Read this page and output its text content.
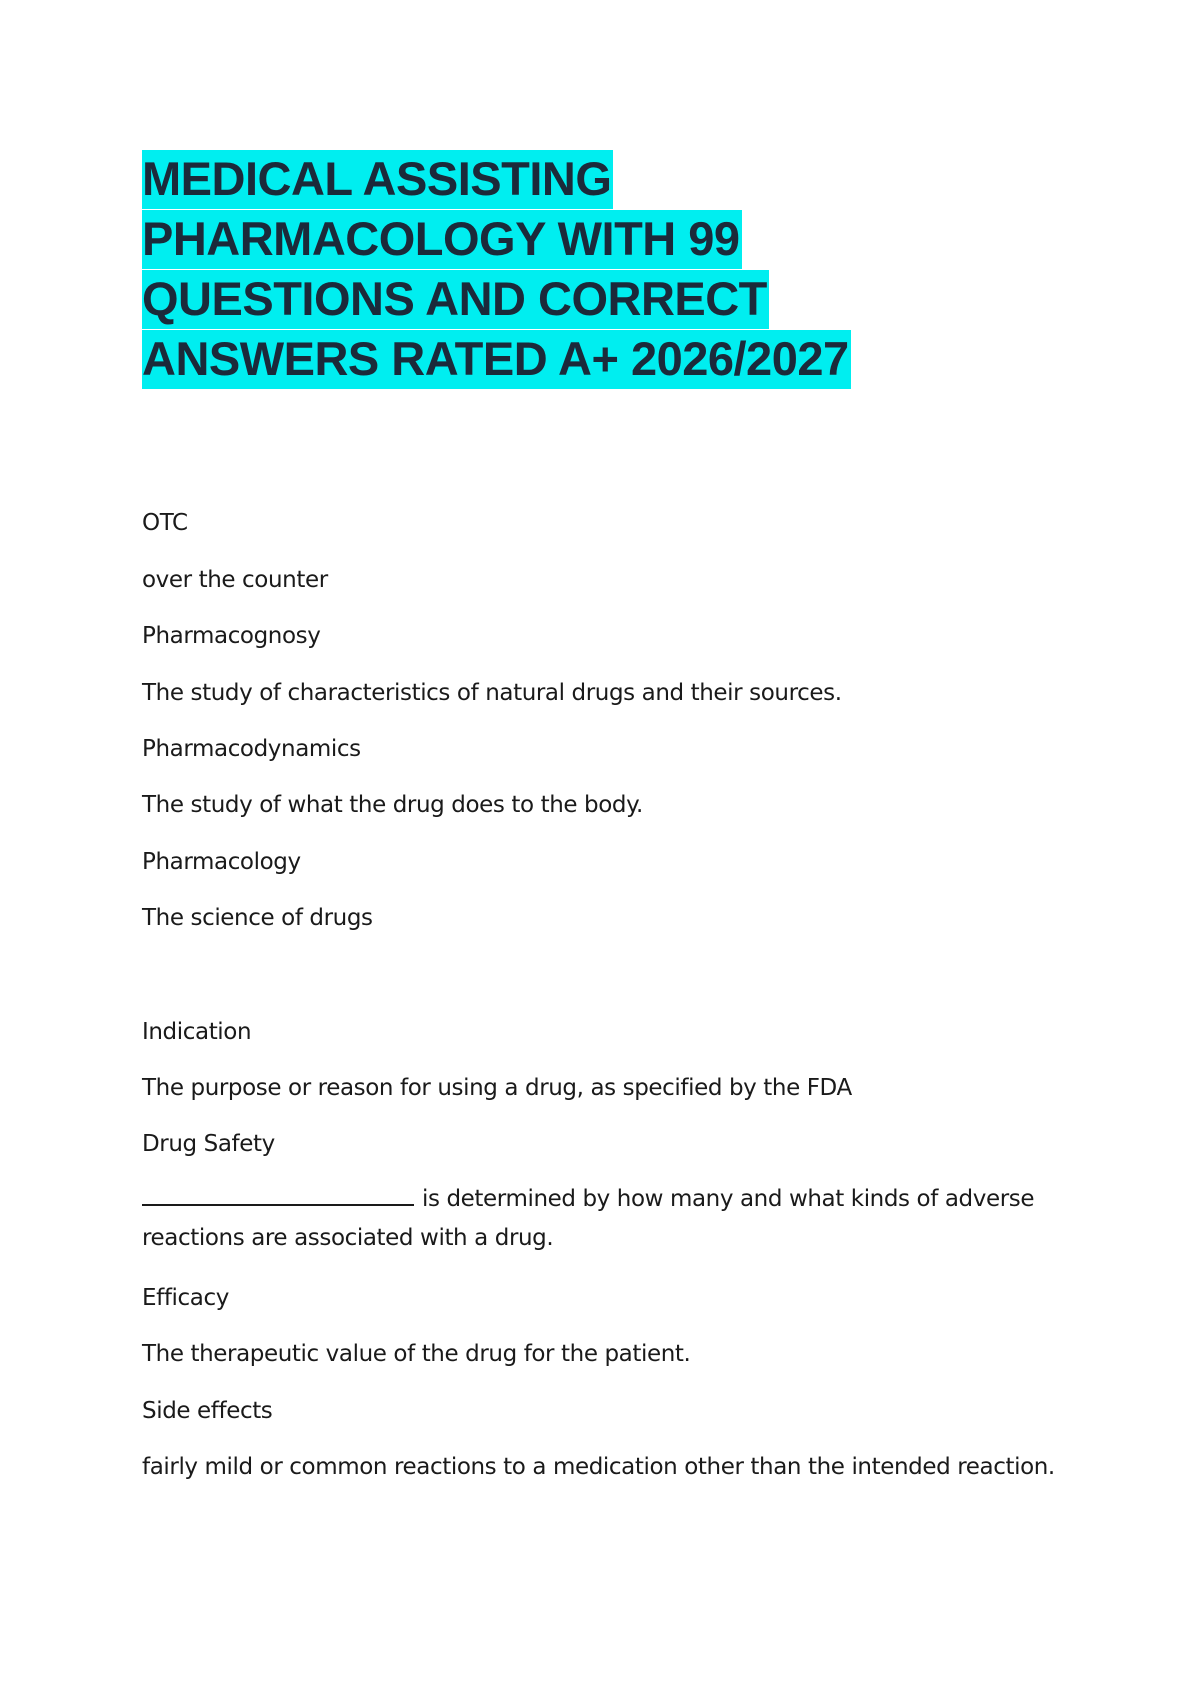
MEDICAL ASSISTING
PHARMACOLOGY WITH 99
QUESTIONS AND CORRECT
ANSWERS RATED A+ 2026/2027
OTC
over the counter
Pharmacognosy
The study of characteristics of natural drugs and their sources.
Pharmacodynamics
The study of what the drug does to the body.
Pharmacology
The science of drugs
Indication
The purpose or reason for using a drug, as specified by the FDA
Drug Safety
is determined by how many and what kinds of adverse reactions are associated with a drug.
Efficacy
The therapeutic value of the drug for the patient.
Side effects
fairly mild or common reactions to a medication other than the intended reaction.
